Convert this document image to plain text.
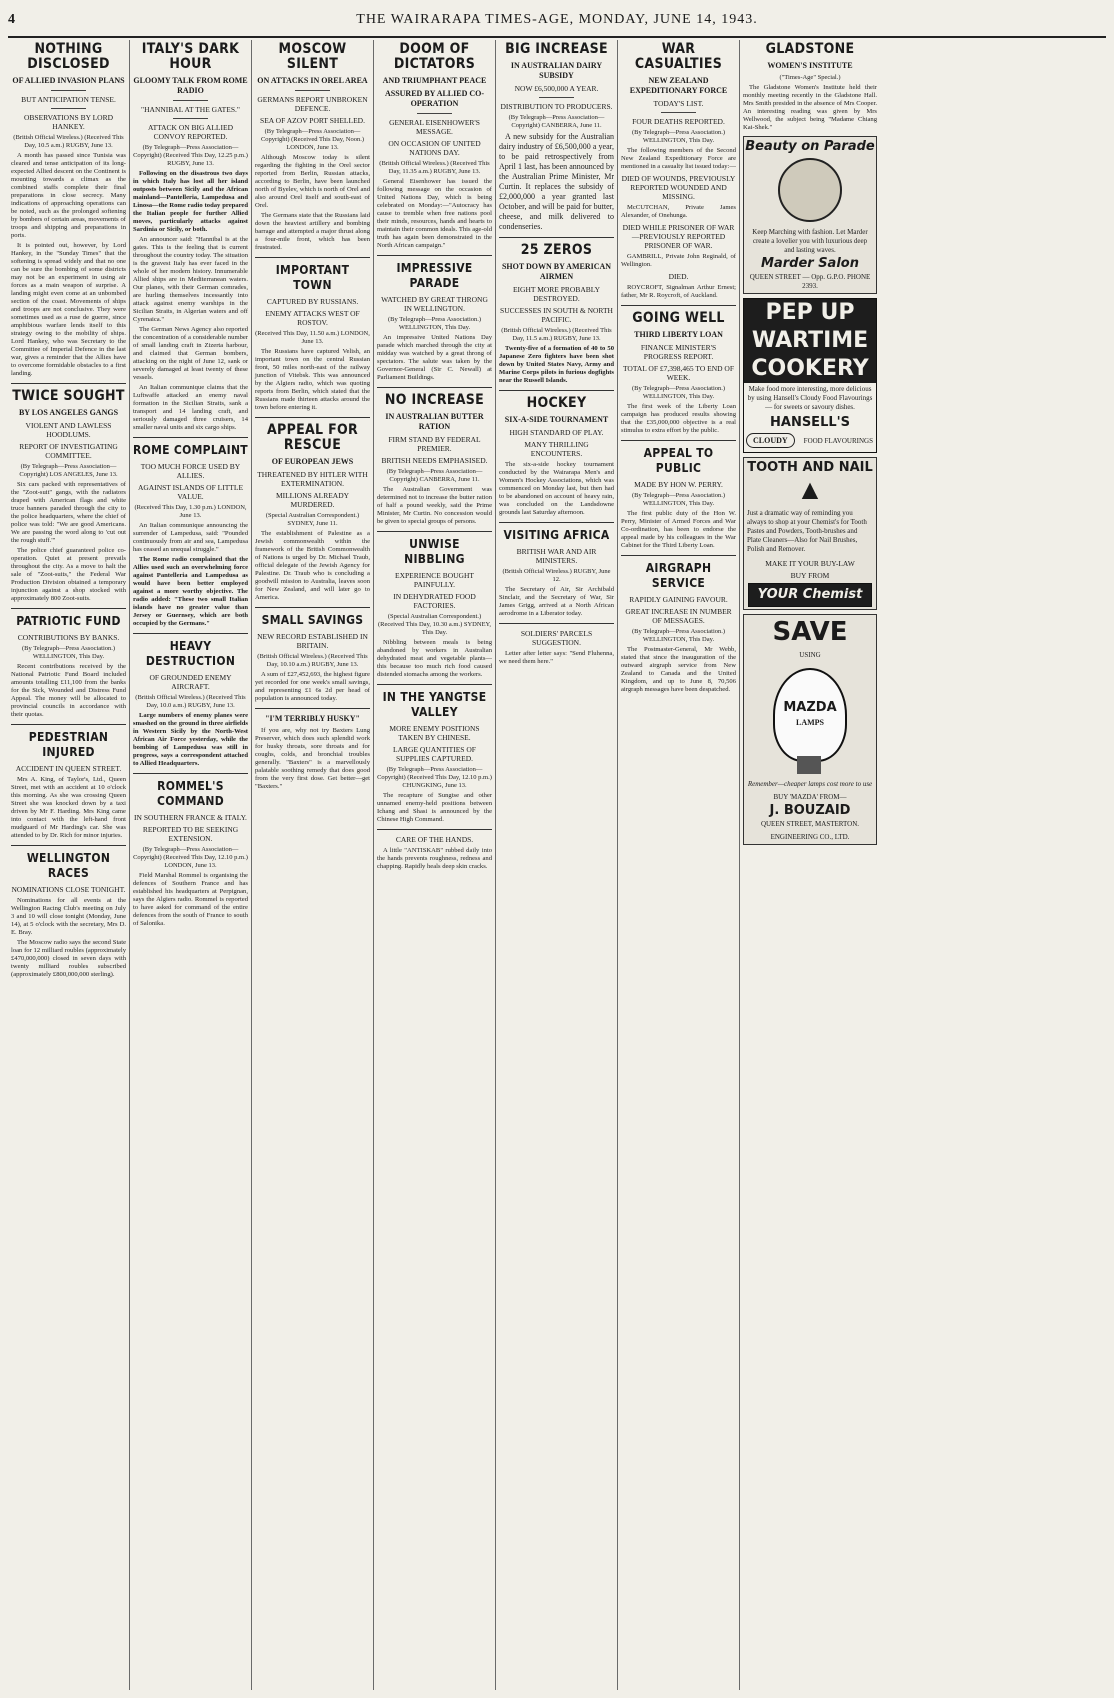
4	THE WAIRARAPA TIMES-AGE, MONDAY, JUNE 14, 1943.
NOTHING DISCLOSED
OF ALLIED INVASION PLANS
BUT ANTICIPATION TENSE.
OBSERVATIONS BY LORD HANKEY.
(British Official Wireless.) (Received This Day, 10.5 a.m.) RUGBY, June 13.

A month has passed since Tunisia was cleared and tense anticipation of its long-expected Allied descent on the Continent is mounting towards a climax as the combined staffs complete their final preparations in close secrecy. Many indications of approaching operations can be noted, such as the prolonged softening by bombers of certain areas, movements of troops and shipping and preparations in ports.

It is pointed out, however, by Lord Hankey, in the "Sunday Times" that the softening is spread widely and that no one can be sure the bombing of some districts may not be an experiment in using air forces as a main weapon of surprise. A landing might even come at an unbombed section of the coast. Movements of ships and troops are not conclusive. They were sometimes used as a ruse de guerre, since amphibious warfare lends itself to this strategy owing to the mobility of ships. Lord Hankey, who was Secretary to the Committee of Imperial Defence in the last war, gives a reminder that the Allies have to overcome formidable obstacles to a first landing.

TWICE SOUGHT
BY LOS ANGELES GANGS
VIOLENT AND LAWLESS HOODLUMS.
REPORT OF INVESTIGATING COMMITTEE.
(By Telegraph—Press Association—Copyright) LOS ANGELES, June 13.

Six cars packed with representatives of the "Zoot-suit" gangs, with the radiators draped with American flags and white truce banners paraded through the city to the police headquarters, where the chief of police was told: "We are good Americans. We are passing the word along to 'cut out the rough stuff.'"

The police chief guaranteed police co-operation. Quiet at present prevails throughout the city. As a move to halt the sale of "Zoot-suits," the Federal War Production Division obtained a temporary injunction against a shop stocked with approximately 800 Zoot-suits.

PATRIOTIC FUND
CONTRIBUTIONS BY BANKS.
(By Telegraph—Press Association.) WELLINGTON, This Day.

Recent contributions received by the National Patriotic Fund Board included amounts totalling £11,100 from the banks for the Sick, Wounded and Distress Fund Appeal. The money will be allocated to provincial councils in accordance with their quotas.

PEDESTRIAN INJURED
ACCIDENT IN QUEEN STREET.

Mrs A. King, of Taylor's, Ltd., Queen Street, met with an accident at 10 o'clock this morning. As she was crossing Queen Street she was knocked down by a taxi driven by Mr F. Harding. Mrs King came into contact with the left-hand front mudguard of Mr Harding's car. She was attended to by Dr. Rich for minor injuries.

WELLINGTON RACES
NOMINATIONS CLOSE TONIGHT.

Nominations for all events at the Wellington Racing Club's meeting on July 3 and 10 will close tonight (Monday, June 14), at 5 o'clock with the secretary, Mrs D. E. Bray.

The Moscow radio says the second State loan for 12 milliard roubles (approximately £470,000,000) closed in seven days with twenty milliard roubles subscribed (approximately £800,000,000 sterling).

ITALY'S DARK HOUR
GLOOMY TALK FROM ROME RADIO
"HANNIBAL AT THE GATES."
ATTACK ON BIG ALLIED CONVOY REPORTED.
(By Telegraph—Press Association—Copyright) (Received This Day, 12.25 p.m.) RUGBY, June 13.

Following on the disastrous two days in which Italy has lost all her island outposts between Sicily and the African mainland—Pantelleria, Lampedusa and Linosa—the Rome radio today prepared the Italian people for further Allied moves, particularly attacks against Sardinia or Sicily, or both.

An announcer said: "Hannibal is at the gates. This is the feeling that is current throughout the country today. The situation is the gravest Italy has ever faced in the whole of her modern history. Innumerable Allied ships are in Mediterranean waters. Our planes, with their German comrades, are hurling themselves incessantly into attack against enemy warships in the Sicilian Straits, in Algerian waters and off Cyrenaica."

The German News Agency also reported the concentration of a considerable number of small landing craft in Zizerta harbour, and claimed that German bombers, attacking on the night of June 12, sank or severely damaged at least twenty of these vessels.

An Italian communique claims that the Luftwaffe attacked an enemy naval formation in the Sicilian Straits, sank a transport and 14 landing craft, and seriously damaged three cruisers, 14 smaller naval units and six cargo ships.

ROME COMPLAINT
TOO MUCH FORCE USED BY ALLIES.
AGAINST ISLANDS OF LITTLE VALUE.
(Received This Day, 1.30 p.m.) LONDON, June 13.

An Italian communique announcing the surrender of Lampedusa, said: "Pounded continuously from air and sea, Lampedusa has ceased an unequal struggle."

The Rome radio complained that the Allies used such an overwhelming force against Pantelleria and Lampedusa as would have been better employed against a more worthy objective. The radio added: "These two small Italian islands have no greater value than Jersey or Guernsey, which are both occupied by the Germans."

HEAVY DESTRUCTION
OF GROUNDED ENEMY AIRCRAFT.
(British Official Wireless.) (Received This Day, 10.0 a.m.) RUGBY, June 13.

Large numbers of enemy planes were smashed on the ground in three airfields in Western Sicily by the North-West African Air Force yesterday, while the bombing of Lampedusa was still in progress, says a correspondent attached to Allied Headquarters.

ROMMEL'S COMMAND
IN SOUTHERN FRANCE & ITALY.
REPORTED TO BE SEEKING EXTENSION.
(By Telegraph—Press Association—Copyright) (Received This Day, 12.10 p.m.) LONDON, June 13.

Field Marshal Rommel is organising the defences of Southern France and has established his headquarters at Perpignan, says the Algiers radio. Rommel is reported to have asked for command of the entire defences from the south of France to south of Salonika.

MOSCOW SILENT
ON ATTACKS IN OREL AREA
GERMANS REPORT UNBROKEN DEFENCE.
SEA OF AZOV PORT SHELLED.
(By Telegraph—Press Association—Copyright) (Received This Day, Noon.) LONDON, June 13.

Although Moscow today is silent regarding the fighting in the Orel sector reported from Berlin, Russian attacks, according to Berlin, have been launched north of Byelev, which is north of Orel and also around Orel itself and south-east of Orel.

The Germans state that the Russians laid down the heaviest artillery and bombing barrage and attempted a major thrust along a four-mile front, which has been frustrated.

IMPORTANT TOWN
CAPTURED BY RUSSIANS.
ENEMY ATTACKS WEST OF ROSTOV.
(Received This Day, 11.50 a.m.) LONDON, June 13.

The Russians have captured Velish, an important town on the central Russian front, 50 miles north-east of the railway junction of Vitebsk. This was announced by the Algiers radio, which was quoting reports from Berlin, which stated that the Russians made thirteen attacks around the town before entering it.

APPEAL FOR RESCUE
OF EUROPEAN JEWS
THREATENED BY HITLER WITH EXTERMINATION.
MILLIONS ALREADY MURDERED.
(Special Australian Correspondent.) SYDNEY, June 11.

The establishment of Palestine as a Jewish commonwealth within the framework of the British Commonwealth of Nations is urged by Dr. Michael Traub, official delegate of the Jewish Agency for Palestine. Dr. Traub who is concluding a goodwill mission to Australia, leaves soon for New Zealand, and will later go to America.

SMALL SAVINGS
NEW RECORD ESTABLISHED IN BRITAIN.
(British Official Wireless.) (Received This Day, 10.10 a.m.) RUGBY, June 13.

A sum of £27,452,693, the highest figure yet recorded for one week's small savings, and representing £1 6s 2d per head of population is announced today.

"I'M TERRIBLY HUSKY"

If you are, why not try Baxters Lung Preserver, which does such splendid work for husky throats, sore throats and for coughs, colds, and bronchial troubles generally. "Baxters" is a marvellously palatable soothing remedy that does good from the very first dose. Get better—get "Baxters."

DOOM OF DICTATORS
AND TRIUMPHANT PEACE
ASSURED BY ALLIED CO-OPERATION
GENERAL EISENHOWER'S MESSAGE.
ON OCCASION OF UNITED NATIONS DAY.
(British Official Wireless.) (Received This Day, 11.35 a.m.) RUGBY, June 13.

General Eisenhower has issued the following message on the occasion of United Nations Day, which is being celebrated on Monday:—"Autocracy has cause to tremble when free nations pool their minds, resources, hands and hearts to maintain their common ideals. This age-old truth has again been demonstrated in the North African campaign."

IMPRESSIVE PARADE
WATCHED BY GREAT THRONG IN WELLINGTON.
(By Telegraph—Press Association.) WELLINGTON, This Day.

An impressive United Nations Day parade which marched through the city at midday was watched by a great throng of spectators. The salute was taken by the Governor-General (Sir C. Newall) at Parliament Buildings.

NO INCREASE
IN AUSTRALIAN BUTTER RATION
FIRM STAND BY FEDERAL PREMIER.
BRITISH NEEDS EMPHASISED.
(By Telegraph—Press Association—Copyright) CANBERRA, June 11.

The Australian Government was determined not to increase the butter ration of half a pound weekly, said the Prime Minister, Mr Curtin. No concession would be given to special groups of persons.

UNWISE NIBBLING
EXPERIENCE BOUGHT PAINFULLY.
IN DEHYDRATED FOOD FACTORIES.
(Special Australian Correspondent.) (Received This Day, 10.30 a.m.) SYDNEY, This Day.

Nibbling between meals is being abandoned by workers in Australian dehydrated meat and vegetable plants—this because too much rich food caused distended stomachs among the workers.

IN THE YANGTSE VALLEY
MORE ENEMY POSITIONS TAKEN BY CHINESE.
LARGE QUANTITIES OF SUPPLIES CAPTURED.
(By Telegraph—Press Association—Copyright) (Received This Day, 12.10 p.m.) CHUNGKING, June 13.

The recapture of Sungtse and other unnamed enemy-held positions between Ichang and Shasi is announced by the Chinese High Command.

CARE OF THE HANDS.

A little "ANTISKAB" rubbed daily into the hands prevents roughness, redness and chapping. Rapidly heals deep skin cracks.

BIG INCREASE
IN AUSTRALIAN DAIRY SUBSIDY
NOW £6,500,000 A YEAR.
DISTRIBUTION TO PRODUCERS.
(By Telegraph—Press Association—Copyright) CANBERRA, June 11.

A new subsidy for the Australian dairy industry of £6,500,000 a year, to be paid retrospectively from April 1 last, has been announced by the Australian Prime Minister, Mr Curtin. It replaces the subsidy of £2,000,000 a year granted last October, and will be paid for butter, cheese, and milk delivered to condenseries.

25 ZEROS
SHOT DOWN BY AMERICAN AIRMEN
EIGHT MORE PROBABLY DESTROYED.
SUCCESSES IN SOUTH & NORTH PACIFIC.
(British Official Wireless.) (Received This Day, 11.5 a.m.) RUGBY, June 13.

Twenty-five of a formation of 40 to 50 Japanese Zero fighters have been shot down by United States Navy, Army and Marine Corps pilots in furious dogfights near the Russell Islands.

HOCKEY
SIX-A-SIDE TOURNAMENT
HIGH STANDARD OF PLAY.
MANY THRILLING ENCOUNTERS.

The six-a-side hockey tournament conducted by the Wairarapa Men's and Women's Hockey Associations, which was commenced on Monday last, but then had to be abandoned on account of heavy rain, was concluded on the Landsdowne grounds last Saturday afternoon.

VISITING AFRICA
BRITISH WAR AND AIR MINISTERS.
(British Official Wireless.) RUGBY, June 12.

The Secretary of Air, Sir Archibald Sinclair, and the Secretary of War, Sir James Grigg, arrived at a North African aerodrome in a Liberator today.

SOLDIERS' PARCELS SUGGESTION.

Letter after letter says: "Send Fluhenna, we need them here."

WAR CASUALTIES
NEW ZEALAND EXPEDITIONARY FORCE
TODAY'S LIST.
FOUR DEATHS REPORTED.
(By Telegraph—Press Association.) WELLINGTON, This Day.

The following members of the Second New Zealand Expeditionary Force are mentioned in a casualty list issued today:—

DIED OF WOUNDS, PREVIOUSLY REPORTED WOUNDED AND MISSING.

McCUTCHAN, Private James Alexander, of Onehunga.

DIED WHILE PRISONER OF WAR—PREVIOUSLY REPORTED PRISONER OF WAR.

GAMBRILL, Private John Reginald, of Wellington.

DIED.

ROYCROFT, Signalman Arthur Ernest; father, Mr R. Roycroft, of Auckland.

GOING WELL
THIRD LIBERTY LOAN
FINANCE MINISTER'S PROGRESS REPORT.
TOTAL OF £7,398,465 TO END OF WEEK.
(By Telegraph—Press Association.) WELLINGTON, This Day.

The first week of the Liberty Loan campaign has produced results showing that the £35,000,000 objective is a real stimulus to extra effort by the public.

APPEAL TO PUBLIC
MADE BY HON W. PERRY.
(By Telegraph—Press Association.) WELLINGTON, This Day.

The first public duty of the Hon W. Perry, Minister of Armed Forces and War Co-ordination, has been to endorse the appeal made by his colleagues in the War Cabinet for the Third Liberty Loan.

AIRGRAPH SERVICE
RAPIDLY GAINING FAVOUR.
GREAT INCREASE IN NUMBER OF MESSAGES.
(By Telegraph—Press Association.) WELLINGTON, This Day.

The Postmaster-General, Mr Webb, stated that since the inauguration of the outward airgraph service from New Zealand to Canada and the United Kingdom, and up to June 8, 70,506 airgraph messages have been despatched.

GLADSTONE
WOMEN'S INSTITUTE
("Times-Age" Special.)

The Gladstone Women's Institute held their monthly meeting recently in the Gladstone Hall. Mrs Smith presided in the absence of Mrs Cooper. An interesting reading was given by Mrs Wellwood, the subject being "Madame Chiang Kai-Shek."

Beauty on Parade
Keep Marching with fashion. Let Marder create a lovelier you with luxurious deep and lasting waves.
Marder Salon
QUEEN STREET — Opp. G.P.O. PHONE 2393.
PEP UP
WARTIME
COOKERY
Make food more interesting, more delicious by using Hansell's Cloudy Food Flavourings — for sweets or savoury dishes.
HANSELL'S
CLOUDY FOOD FLAVOURINGS
TOOTH AND NAIL
▲
Just a dramatic way of reminding you always to shop at your Chemist's for Tooth Pastes and Powders, Tooth-brushes and Plate Cleaners—Also for Nail Brushes, Polish and Remover.
MAKE IT YOUR BUY-LAW
BUY FROM
YOUR Chemist
SAVE
USING
MAZDA
LAMPS
Remember—cheaper lamps cost more to use
BUY 'MAZDA' FROM—
J. BOUZAID
QUEEN STREET, MASTERTON.
ENGINEERING CO., LTD.
